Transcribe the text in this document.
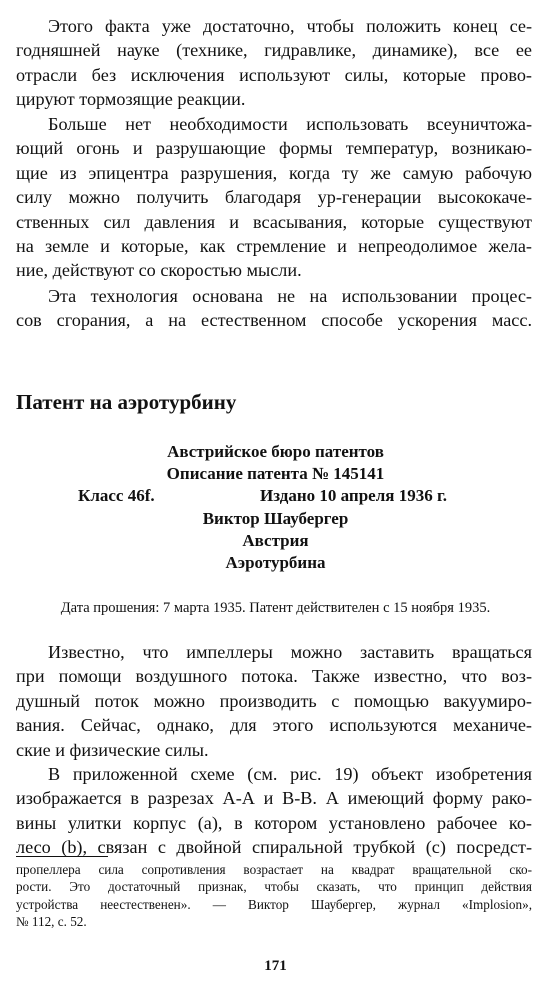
Этого факта уже достаточно, чтобы положить конец се-
годняшней науке (технике, гидравлике, динамике), все ее
отрасли без исключения используют силы, которые прово-
цируют тормозящие реакции.
Больше нет необходимости использовать всеуничтожа-
ющий огонь и разрушающие формы температур, возникаю-
щие из эпицентра разрушения, когда ту же самую рабочую
силу можно получить благодаря ур-генерации высококаче-
ственных сил давления и всасывания, которые существуют
на земле и которые, как стремление и непреодолимое жела-
ние, действуют со скоростью мысли.
Эта технология основана не на использовании процес-
сов сгорания, а на естественном способе ускорения масс.
Патент на аэротурбину
Австрийское бюро патентов
Описание патента № 145141
Класс 46f.	Издано 10 апреля 1936 г.
Виктор Шаубергер
Австрия
Аэротурбина
Дата прошения: 7 марта 1935. Патент действителен с 15 ноября 1935.
Известно, что импеллеры можно заставить вращаться
при помощи воздушного потока. Также известно, что воз-
душный поток можно производить с помощью вакуумиро-
вания. Сейчас, однако, для этого используются механиче-
ские и физические силы.
В приложенной схеме (см. рис. 19) объект изобретения
изображается в разрезах А-А и В-В. А имеющий форму рако-
вины улитки корпус (a), в котором установлено рабочее ко-
лесо (b), связан с двойной спиральной трубкой (c) посредст-
пропеллера сила сопротивления возрастает на квадрат вращательной ско-
рости. Это достаточный признак, чтобы сказать, что принцип действия
устройства неестественен». — Виктор Шаубергер, журнал «Implosion»,
№ 112, с. 52.
171
